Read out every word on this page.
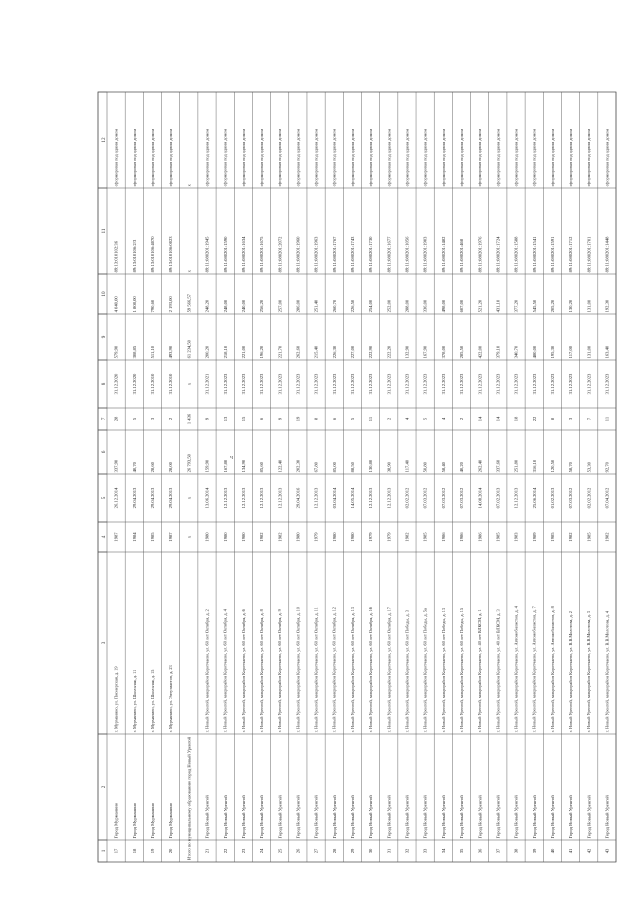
ч
1
2
3
4
5
6
7
8
9
10
11
12
17
Город Мурманино
г. Мурманино, ул. Пионерская, д. 19
1987
26.12.2014
337,90
28
31.12.2020
579,90
4 040,00
89:13:010102:36
сформирован под одним домом
18
Город Мурманино
г. Мурманино, ул. Школьная, д. 11
1984
29.04.2013
40,70
5
31.12.2020
308,85
1 808,00
89:13:010106:2/3
сформирован под одним домом
19
Город Мурманино
г. Мурманино, ул. Школьная, д. 15
1985
29.04.2013
28,60
3
31.12.2010
511,10
790,60
89:13:010106:4070
сформирован под одним домом
20
Город Мурманино
г. Мурманино, ул. Энтузиастов, д. 23
1987
29.04.2013
28,00
2
31.12.2010
493,90
2 193,00
89:13:010106:0023
сформирован под одним домом
Итого по муниципальному образованию город Новый Уренгой
x
x
26 793,50
1 436
x
61 234,50
59 566,57
x
x
21
Город Новый Уренгой
г. Новый Уренгой, микрорайон Коротчаево, ул. 60 лет Октября, д. 2
1980
13.06.2014
159,90
9
31.12.2021
200,20
248,20
89:11:080201:1945
сформирован под одним домом
22
Город Новый Уренгой
г. Новый Уренгой, микрорайон Коротчаево, ул. 60 лет Октября, д. 4
1980
12.12.2013
167,80
13
31.12.2023
218,10
248,00
89:11:080201:1590
сформирован под одним домом
23
Город Новый Уренгой
г. Новый Уренгой, микрорайон Коротчаево, ул. 60 лет Октября, д. 6
1980
12.12.2013
134,90
15
31.12.2023
221,00
240,00
89:11:080201:1634
сформирован под одним домом
24
Город Новый Уренгой
г. Новый Уренгой, микрорайон Коротчаево, ул. 60 лет Октября, д. 8
1982
12.12.2013
85,60
6
31.12.2023
196,20
256,20
89:11:080201:1675
сформирован под одним домом
25
Город Новый Уренгой
г. Новый Уренгой, микрорайон Коротчаево, ул. 60 лет Октября, д. 9
1982
12.12.2013
122,40
9
31.12.2023
221,70
257,00
89:11:080201:2072
сформирован под одним домом
26
Город Новый Уренгой
г. Новый Уренгой, микрорайон Коротчаево, ул. 60 лет Октября, д. 10
1980
29.04.2016
202,30
19
31.12.2023
262,60
286,00
89:11:080201:1960
сформирован под одним домом
27
Город Новый Уренгой
г. Новый Уренгой, микрорайон Коротчаево, ул. 60 лет Октября, д. 11
1979
12.12.2013
67,80
8
31.12.2023
215,40
251,40
89:11:080201:1963
сформирован под одним домом
28
Город Новый Уренгой
г. Новый Уренгой, микрорайон Коротчаево, ул. 60 лет Октября, д. 12
1980
03.04.2014
85,00
6
31.12.2023
226,30
260,70
89:11:080201:1767
сформирован под одним домом
29
Город Новый Уренгой
г. Новый Уренгой, микрорайон Коротчаево, ул. 60 лет Октября, д. 13
1980
14.05.2014
88,50
5
31.12.2023
227,00
226,50
89:11:080201:1743
сформирован под одним домом
30
Город Новый Уренгой
г. Новый Уренгой, микрорайон Коротчаево, ул. 60 лет Октября, д. 16
1979
12.12.2013
130,80
11
31.12.2023
222,90
254,00
89:11:080201:1730
сформирован под одним домом
31
Город Новый Уренгой
г. Новый Уренгой, микрорайон Коротчаево, ул. 60 лет Октября, д. 17
1979
12.12.2013
38,90
2
31.12.2023
222,20
252,00
89:11:080201:1677
сформирован под одним домом
32
Город Новый Уренгой
г. Новый Уренгой, микрорайон Коротчаево, ул. 60 лет Победы, д. 3
1982
02.02.2012
117,40
4
31.12.2023
132,90
288,00
89:11:080201:1056
сформирован под одним домом
33
Город Новый Уренгой
г. Новый Уренгой, микрорайон Коротчаево, ул. 60 лет Победы, д. 5а
1985
07.03.2012
50,80
5
31.12.2023
167,90
336,00
89:11:080201:1903
сформирован под одним домом
34
Город Новый Уренгой
г. Новый Уренгой, микрорайон Коротчаево, ул. 60 лет Победы, д. 13
1986
07.03.2012
58,40
4
31.12.2023
378,00
498,00
89:11:080201:1482
сформирован под одним домом
35
Город Новый Уренгой
г. Новый Уренгой, микрорайон Коротчаево, ул. 60 лет Победы, д. 15
1986
07.03.2012
40,20
2
31.12.2023
285,50
607,00
89:11:080201:468
сформирован под одним домом
36
Город Новый Уренгой
г. Новый Уренгой, микрорайон Коротчаево, ул. 40 лет ВЛКСМ, д. 1
1986
14.08.2014
262,40
14
31.12.2023
422,00
521,20
89:11:080201:1976
сформирован под одним домом
37
Город Новый Уренгой
г. Новый Уренгой, микрорайон Коротчаево, ул. 40 лет ВЛКСМ, д. 3
1985
07.02.2013
337,60
14
31.12.2023
379,10
431,10
89:11:080201:1724
сформирован под одним домом
38
Город Новый Уренгой
г. Новый Уренгой, микрорайон Коротчаево, ул. Автомобилистов, д. 4
1983
12.12.2013
251,80
18
31.12.2023
340,70
377,20
89:11:080201:1588
сформирован под одним домом
39
Город Новый Уренгой
г. Новый Уренгой, микрорайон Коротчаево, ул. Автомобилистов, д. 7
1989
25.06.2014
316,10
22
31.12.2023
480,00
545,50
89:11:080201:1541
сформирован под одним домом
40
Город Новый Уренгой
г. Новый Уренгой, микрорайон Коротчаево, ул. Автомобилистов, д. 8
1985
01.02.2013
120,50
8
31.12.2023
195,30
205,20
89:11:080201:1591
сформирован под одним домом
41
Город Новый Уренгой
г. Новый Уренгой, микрорайон Коротчаево, ул. В.В.Молотова, д. 2
1982
07.03.2012
58,70
3
31.12.2023
117,00
130,20
89:11:080201:1712
сформирован под одним домом
42
Город Новый Уренгой
г. Новый Уренгой, микрорайон Коротчаево, ул. В.В.Молотова, д. 3
1985
02.02.2012
53,30
7
31.12.2023
131,00
131,00
89:11:080201:1701
сформирован под одним домом
43
Город Новый Уренгой
г. Новый Уренгой, микрорайон Коротчаево, ул. В.В.Молотова, д. 4
1982
07.04.2012
92,70
11
31.12.2023
163,40
192,30
89:11:080201:1448
сформирован под одним домом
